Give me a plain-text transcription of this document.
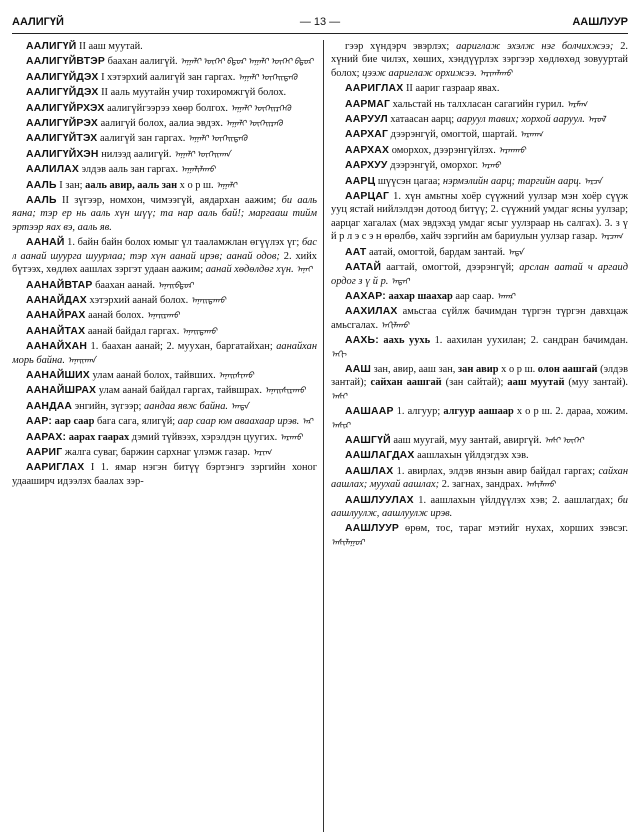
ААЛИГҮЙ	— 13 —	ААШЛУУР

ААЛИГҮЙ II ааш муутай.

ААЛИГҮЙВТЭР баахан аалигүй. ᠠᠭᠠᠯᠢ ᠦᠭᠡᠢ ᠪᠲᠤᠷ ᠠᠭᠠᠯᠢ ᠦᠭᠡᠢ ᠪᠲᠤᠷ

ААЛИГҮЙДЭХ I хэтэрхий аалигүй зан гаргах. ᠠᠭᠠᠯᠢ ᠦᠭᠡᠢᠳᠡᠬᠦ

ААЛИГҮЙДЭХ II ааль муутайн учир тохиромжгүй болох.

ААЛИГҮЙРХЭХ аалигүйгээрээ хөөр болгох. ᠠᠭᠠᠯᠢ ᠦᠭᠡᠢᠷᠬᠡᠬᠦ

ААЛИГҮЙРЭХ аалигүй болох, аалиа эвдэх. ᠠᠭᠠᠯᠢ ᠦᠭᠡᠢᠷᠡᠬᠦ

ААЛИГҮЙТЭХ аалигүй зан гаргах. ᠠᠭᠠᠯᠢ ᠦᠭᠡᠢᠲᠡᠬᠦ

ААЛИГҮЙХЭН нилээд аалигүй. ᠠᠭᠠᠯᠢ ᠦᠭᠡᠢᠬᠠᠨ

ААЛИЛАХ элдэв ааль зан гаргах. ᠠᠭᠠᠯᠢᠯᠠᠬᠤ

ААЛЬ I зан; ааль авир, ааль зан х о р ш. ᠠᠭᠠᠯᠢ

ААЛЬ II зүгээр, номхон, чимээгүй, аядархан аажим; би ааль яана; тэр ер нь ааль хүн шүү; та нар ааль бай!; маргааш тийм эртээр яах вэ, ааль яв.

ААНАЙ 1. байн байн болох юмыг үл тааламжлан өгүүлэх үг; бас л аанай шуурга шуурлаа; тэр хүн аанай ирэв; аанай одов; 2. хийх бүтээх, хөдлөх аашлах зэргэт удаан аажим; аанай хөдөлдөг хүн. ᠠᠨᠠᠢ

ААНАЙВТАР баахан аанай. ᠠᠨᠠᠢᠪᠲᠤᠷ

ААНАЙДАХ хэтэрхий аанай болох. ᠠᠨᠠᠢᠳᠠᠬᠤ

ААНАЙРАХ аанай болох. ᠠᠨᠠᠢᠷᠠᠬᠤ

ААНАЙТАХ аанай байдал гаргах. ᠠᠨᠠᠢᠲᠠᠬᠤ

ААНАЙХАН 1. баахан аанай; 2. муухан, баргатайхан; аанайхан морь байна. ᠠᠨᠠᠢᠬᠠᠨ

ААНАЙШИХ улам аанай болох, тайвших. ᠠᠨᠠᠢᠰᠢᠬᠤ

ААНАЙШРАХ улам аанай байдал гаргах, тайвшрах. ᠠᠨᠠᠢᠰᠢᠷᠠᠬᠤ

ААНДАА энгийн, зүгээр; аандаа явж байна. ᠠᠨᠳᠠ

ААР: аар саар бага сага, ялигүй; аар саар юм аваахаар ирэв. ᠠᠷ

ААРАХ: аарах гаарах дэмий түйвээх, хэрэлдэн цуугих. ᠠᠷᠠᠬᠤ

ААРИГ жалга суваг, баржин сархнаг үлэмж газар. ᠠᠷᠢᠭ

ААРИГЛАХ I 1. ямар нэгэн битүү бэртэнгэ зэргийн хоног удааширч идээлэх баалах зэр-

гээр хүндэрч эвэрлэх; аариглаж эхэлж нэг болчихжээ; 2. хүний бие чилэх, хөших, хэндүүрлэх зэргээр хөдлөхөд зовууртай болох; цээж аариглаж орхижээ. ᠠᠷᠢᠭᠯᠠᠬᠤ

ААРИГЛАХ II аариг газраар явах.

ААРМАГ хальстай нь талхласан сагагийн гурил. ᠠᠷᠮᠠᠭ

ААРУУЛ хатаасан аарц; ааруул тавих; хорхой ааруул. ᠠᠷᠤᠯ

ААРХАГ дээрэнгүй, омогтой, шартай. ᠠᠷᠬᠠᠭ

ААРХАХ оморхох, дээрэнгүйлэх. ᠠᠷᠬᠠᠬᠤ

ААРХУУ дээрэнгүй, оморхог. ᠠᠷᠬᠤ

ААРЦ шүүсэн цагаа; нэрмэлийн аарц; таргийн аарц. ᠠᠷᠴᠠ

ААРЦАГ 1. хүн амьтны хоёр сүүжний уулзар мэн хоёр сүүж ууц ястай нийлэлдэн дотоод битүү; 2. сүүжний умдаг ясны уулзар; аарцаг хагалах (мах эвдэхэд умдаг ясыг уулзраар нь салгах). 3. з ү й р л э с э н өрөлбө, хайч зэргийн ам бариулын уулзар газар. ᠠᠷᠴᠠᠭ

ААТ аатай, омогтой, бардам зантай. ᠠᠲᠠ

ААТАЙ аагтай, омогтой, дээрэнгүй; арслан аатай ч аргаид ордог з ү й р. ᠠᠲᠠᠢ

ААХАР: аахар шаахар аар саар. ᠠᠬᠠᠷ

ААХИЛАХ амьсгаа сүйлж бачимдан түргэн түргэн давхцаж амьсгалах. ᠠᠬᠢᠯᠠᠬᠤ

ААХЬ: аахь уухь 1. аахилан уухилан; 2. сандран бачимдан. ᠠᠬᠢ

ААШ зан, авир, ааш зан, зан авир х о р ш. олон аашгай (элдэв зантай); сайхан аашгай (зан сайтай); ааш муутай (муу зантай). ᠠᠰᠢ

ААШААР 1. алгуур; алгуур аашаар х о р ш. 2. дараа, хожим. ᠠᠰᠢᠷ

ААШГҮЙ ааш муугай, муу зантай, авиргүй. ᠠᠰᠢ ᠦᠭᠡᠢ

ААШЛАГДАХ аашлахын үйлдэгдэх хэв.

ААШЛАХ 1. авирлах, элдэв янзын авир байдал гаргах; сайхан аашлах; муухай аашлах; 2. загнах, зандрах. ᠠᠰᠢᠯᠠᠬᠤ

ААШЛУУЛАХ 1. аашлахын үйлдүүлэх хэв; 2. аашлагдах; би аашлуулж, аашлуулж ирэв.

ААШЛУУР өрөм, тос, тараг мэтийг нухах, хорших зэвсэг. ᠠᠰᠢᠯᠠᠭᠤᠷ
